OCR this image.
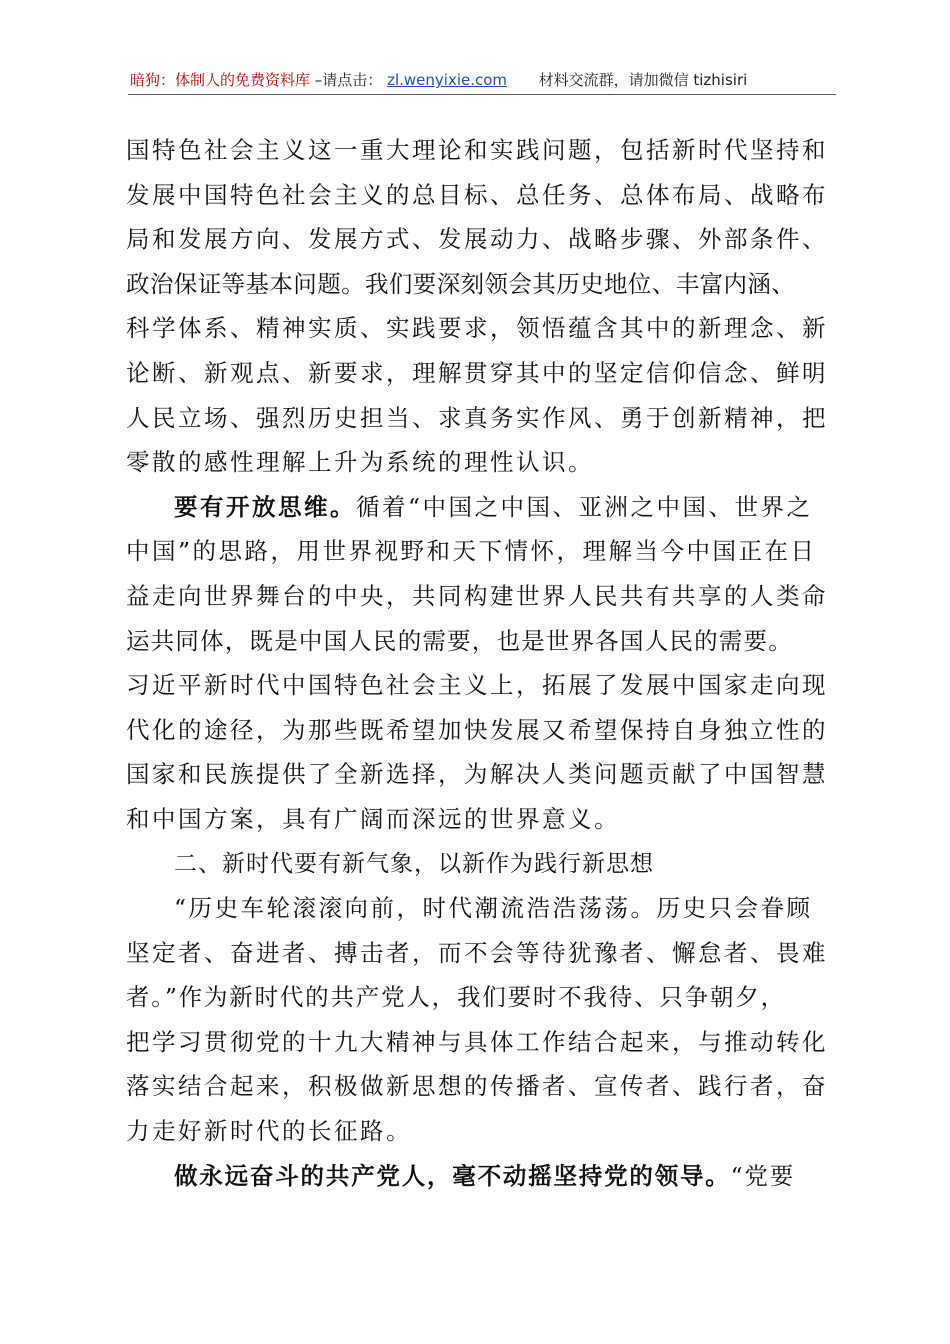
暗狗：体制人的免费资料库 –请点击： zl.wenyixie.com 材料交流群，请加微信 tizhisiri
国特色社会主义这一重大理论和实践问题，包括新时代坚持和
发展中国特色社会主义的总目标、总任务、总体布局、战略布
局和发展方向、发展方式、发展动力、战略步骤、外部条件、
政治保证等基本问题。我们要深刻领会其历史地位、丰富内涵、
科学体系、精神实质、实践要求，领悟蕴含其中的新理念、新
论断、新观点、新要求，理解贯穿其中的坚定信仰信念、鲜明
人民立场、强烈历史担当、求真务实作风、勇于创新精神，把
零散的感性理解上升为系统的理性认识。
要有开放思维。循着“中国之中国、亚洲之中国、世界之
中国”的思路，用世界视野和天下情怀，理解当今中国正在日
益走向世界舞台的中央，共同构建世界人民共有共享的人类命
运共同体，既是中国人民的需要，也是世界各国人民的需要。
习近平新时代中国特色社会主义上，拓展了发展中国家走向现
代化的途径，为那些既希望加快发展又希望保持自身独立性的
国家和民族提供了全新选择，为解决人类问题贡献了中国智慧
和中国方案，具有广阔而深远的世界意义。
二、新时代要有新气象，以新作为践行新思想
“历史车轮滚滚向前，时代潮流浩浩荡荡。历史只会眷顾
坚定者、奋进者、搏击者，而不会等待犹豫者、懈怠者、畏难
者。”作为新时代的共产党人，我们要时不我待、只争朝夕，
把学习贯彻党的十九大精神与具体工作结合起来，与推动转化
落实结合起来，积极做新思想的传播者、宣传者、践行者，奋
力走好新时代的长征路。
做永远奋斗的共产党人，毫不动摇坚持党的领导。“党要
